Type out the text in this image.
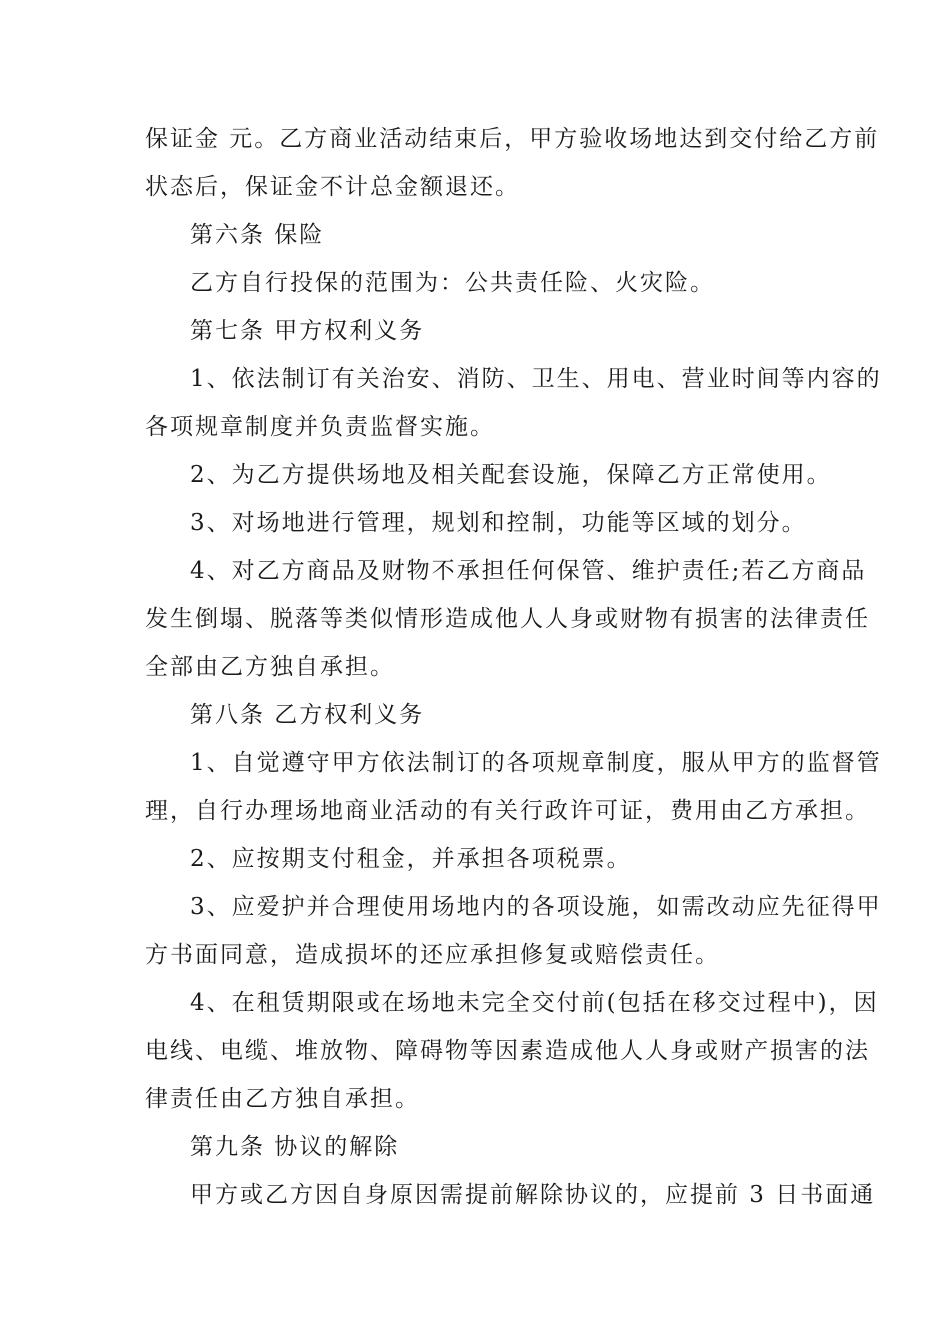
保证金 元。乙方商业活动结束后，甲方验收场地达到交付给乙方前
状态后，保证金不计总金额退还。
第六条 保险
乙方自行投保的范围为：公共责任险、火灾险。
第七条 甲方权利义务
1、依法制订有关治安、消防、卫生、用电、营业时间等内容的
各项规章制度并负责监督实施。
2、为乙方提供场地及相关配套设施，保障乙方正常使用。
3、对场地进行管理，规划和控制，功能等区域的划分。
4、对乙方商品及财物不承担任何保管、维护责任;若乙方商品
发生倒塌、脱落等类似情形造成他人人身或财物有损害的法律责任
全部由乙方独自承担。
第八条 乙方权利义务
1、自觉遵守甲方依法制订的各项规章制度，服从甲方的监督管
理，自行办理场地商业活动的有关行政许可证，费用由乙方承担。
2、应按期支付租金，并承担各项税票。
3、应爱护并合理使用场地内的各项设施，如需改动应先征得甲
方书面同意，造成损坏的还应承担修复或赔偿责任。
4、在租赁期限或在场地未完全交付前(包括在移交过程中)，因
电线、电缆、堆放物、障碍物等因素造成他人人身或财产损害的法
律责任由乙方独自承担。
第九条 协议的解除
甲方或乙方因自身原因需提前解除协议的，应提前 3 日书面通
